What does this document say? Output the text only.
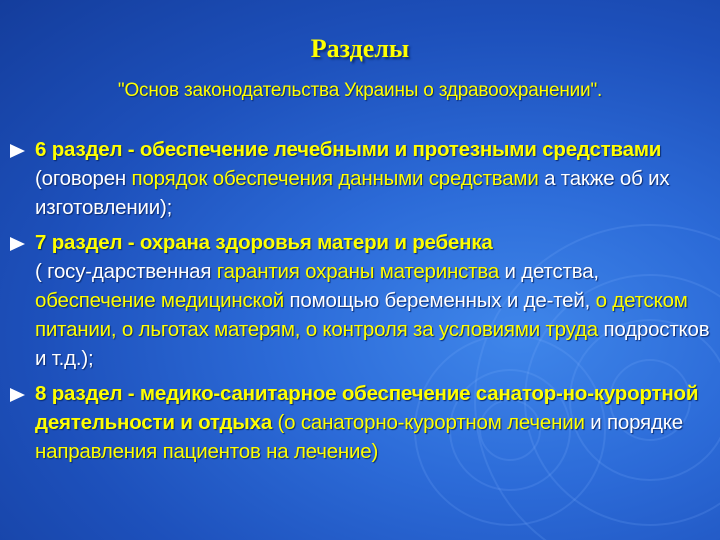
Разделы
"Основ законодательства Украины о здравоохранении".
6 раздел - обеспечение лечебными и протезными средствами (оговорен порядок обеспечения данными средствами а также об их изготовлении);
7 раздел - охрана здоровья матери и ребенка
( госу-дарственная гарантия охраны материнства и детства, обеспечение медицинской помощью беременных и де-тей, о детском питании, о льготах матерям, о контроля за условиями труда подростков и т.д.);
8 раздел - медико-санитарное обеспечение санатор-но-курортной деятельности и отдыха (о санаторно-курортном лечении и порядке направления пациентов на лечение)
